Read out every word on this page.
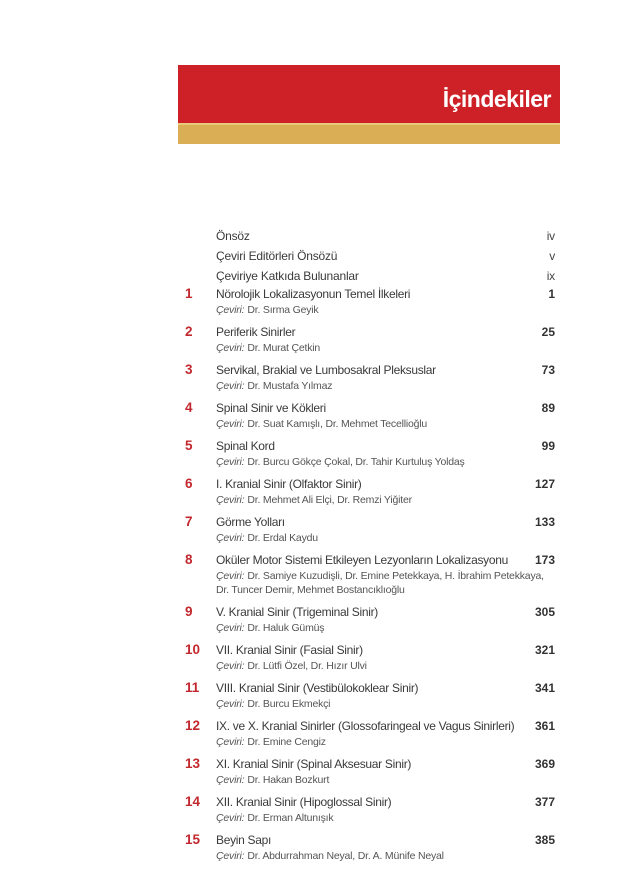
İçindekiler
Önsöz	iv
Çeviri Editörleri Önsözü	v
Çeviriye Katkıda Bulunanlar	ix
1	Nörolojik Lokalizasyonun Temel İlkeleri	1
Çeviri: Dr. Sırma Geyik
2	Periferik Sinirler	25
Çeviri: Dr. Murat Çetkin
3	Servikal, Brakial ve Lumbosakral Pleksuslar	73
Çeviri: Dr. Mustafa Yılmaz
4	Spinal Sinir ve Kökleri	89
Çeviri: Dr. Suat Kamışlı, Dr. Mehmet Tecellioğlu
5	Spinal Kord	99
Çeviri: Dr. Burcu Gökçe Çokal, Dr. Tahir Kurtuluş Yoldaş
6	I. Kranial Sinir (Olfaktor Sinir)	127
Çeviri: Dr. Mehmet Ali Elçi, Dr. Remzi Yiğiter
7	Görme Yolları	133
Çeviri: Dr. Erdal Kaydu
8	Oküler Motor Sistemi Etkileyen Lezyonların Lokalizasyonu	173
Çeviri: Dr. Samiye Kuzudişli, Dr. Emine Petekkaya, H. İbrahim Petekkaya, Dr. Tuncer Demir, Mehmet Bostancıklıoğlu
9	V. Kranial Sinir (Trigeminal Sinir)	305
Çeviri: Dr. Haluk Gümüş
10	VII. Kranial Sinir (Fasial Sinir)	321
Çeviri: Dr. Lütfi Özel, Dr. Hızır Ulvi
11	VIII. Kranial Sinir (Vestibülokoklear Sinir)	341
Çeviri: Dr. Burcu Ekmekçi
12	IX. ve X. Kranial Sinirler (Glossofaringeal ve Vagus Sinirleri)	361
Çeviri: Dr. Emine Cengiz
13	XI. Kranial Sinir (Spinal Aksesuar Sinir)	369
Çeviri: Dr. Hakan Bozkurt
14	XII. Kranial Sinir (Hipoglossal Sinir)	377
Çeviri: Dr. Erman Altunışık
15	Beyin Sapı	385
Çeviri: Dr. Abdurrahman Neyal, Dr. A. Münife Neyal
